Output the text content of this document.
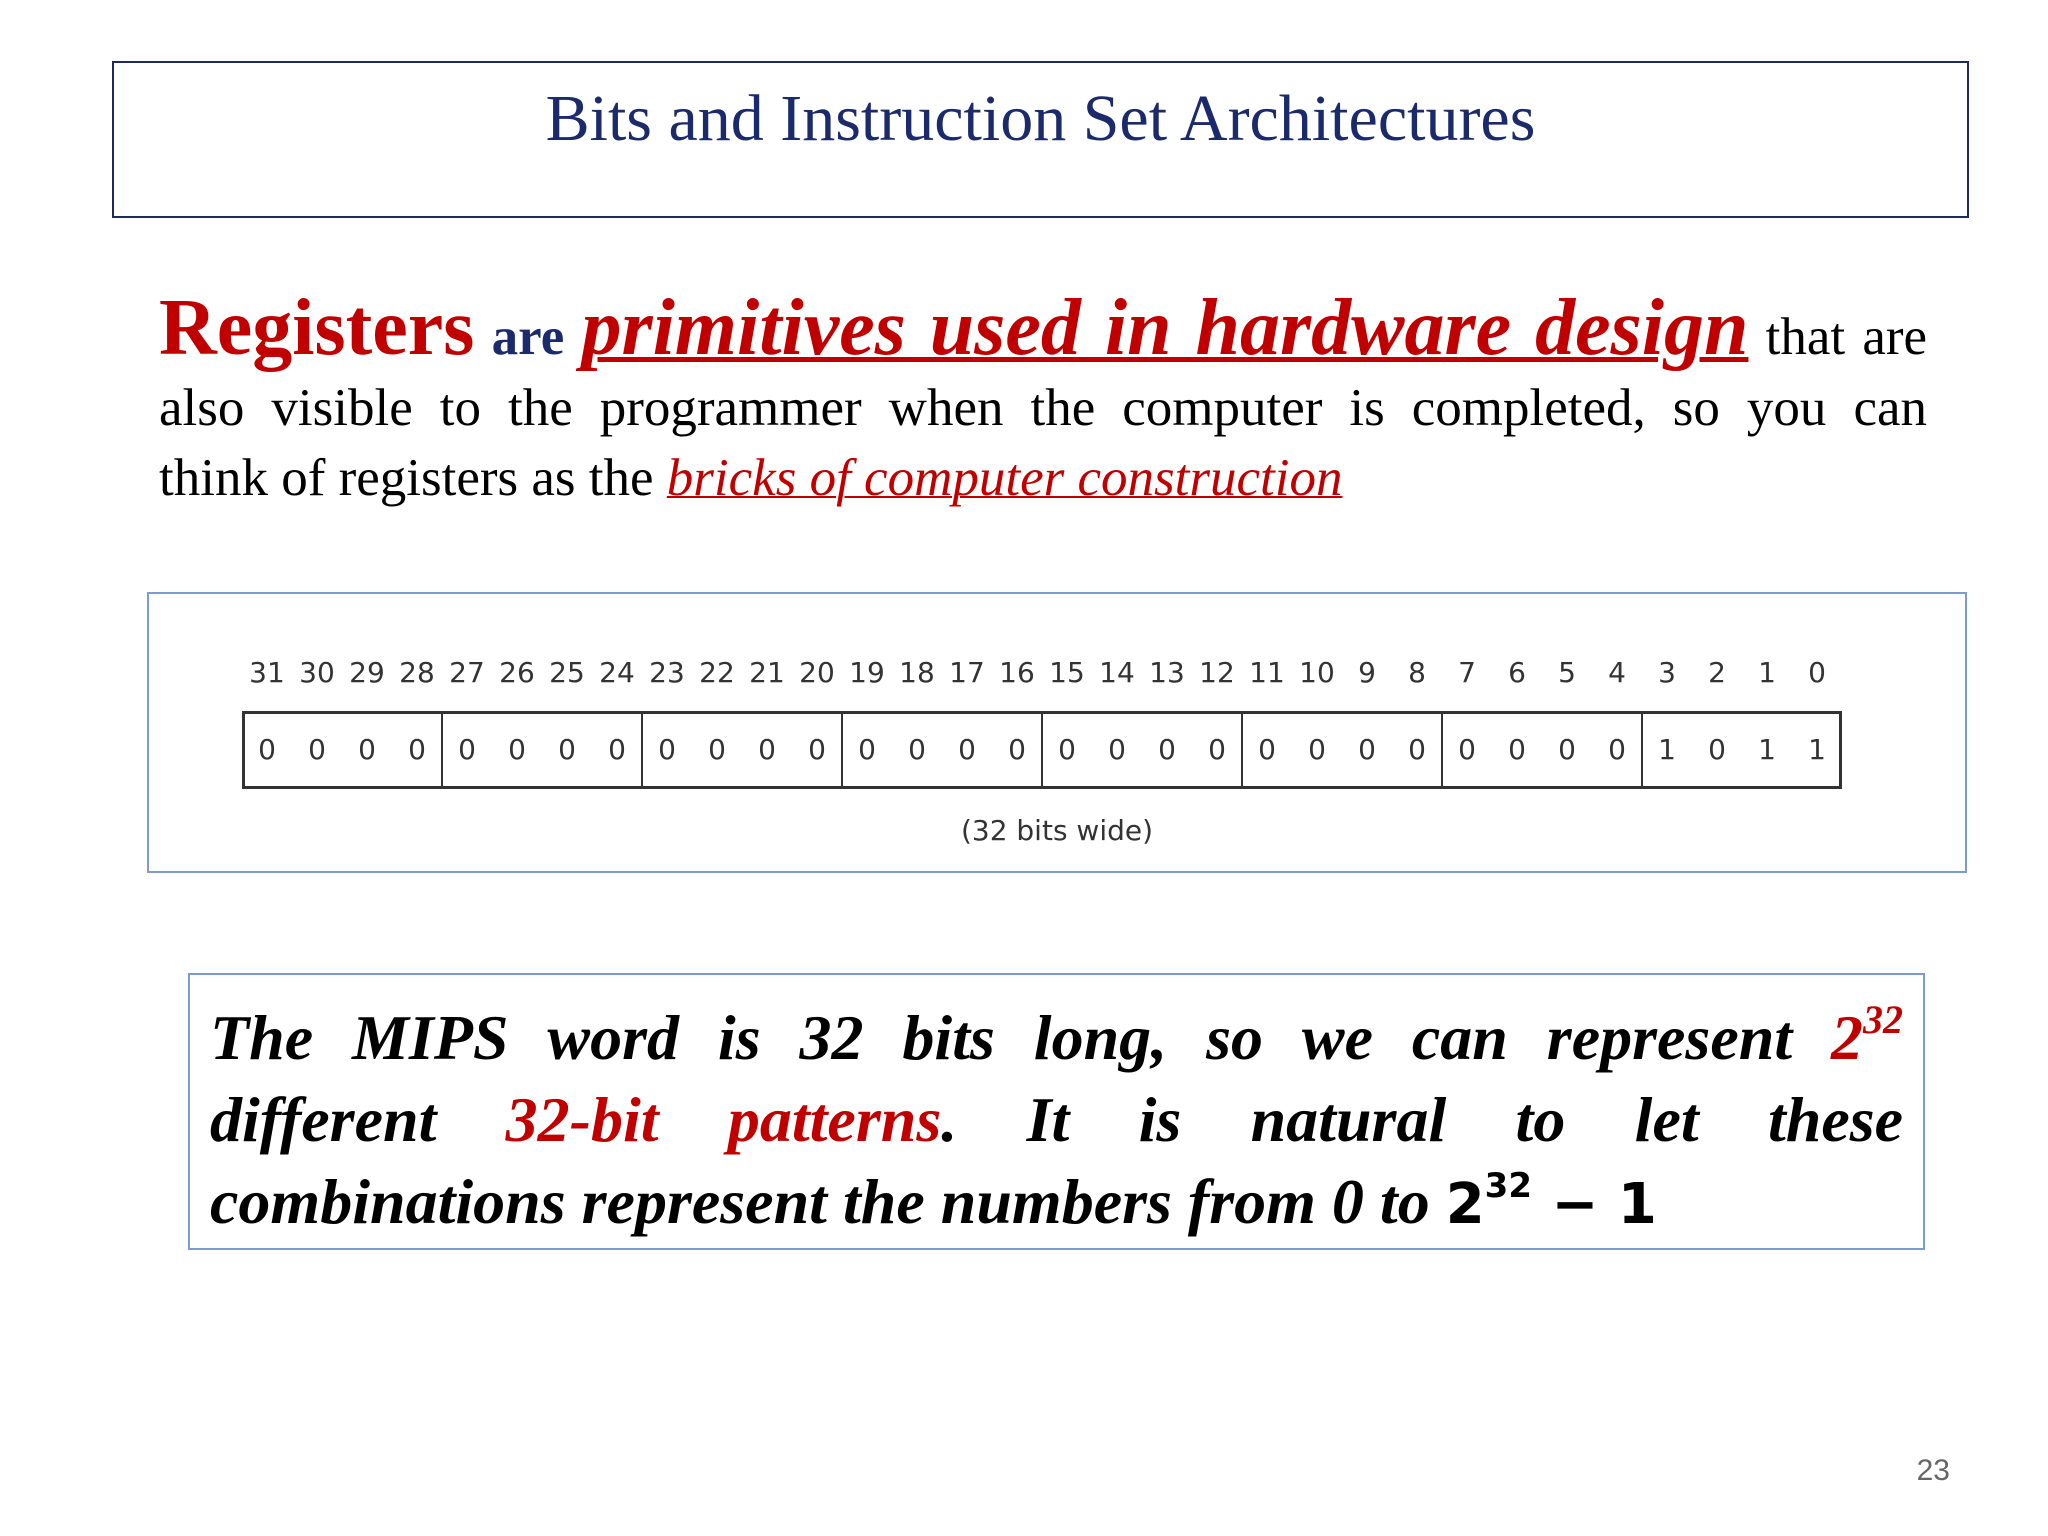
Bits and Instruction Set Architectures
Registers are primitives used in hardware design that are
also visible to the programmer when the computer is completed, so you can
think of registers as the bricks of computer construction
31 30 29 28 27 26 25 24 23 22 21 20 19 18 17 16 15 14 13 12 11 10 9	8	7	6	5	4	3	2	1	0
0	0	0	0	0	0	0	0	0	0	0	0	0	0	0	0	0	0	0	0	0	0	0	0	0	0	0	0	1	0	1	1
(32 bits wide)
The MIPS word is 32 bits long, so we can represent $2^{32}$
different 32-bit patterns. It is natural to let these
combinations represent the numbers from 0 to $2^{32} - 1$
23
